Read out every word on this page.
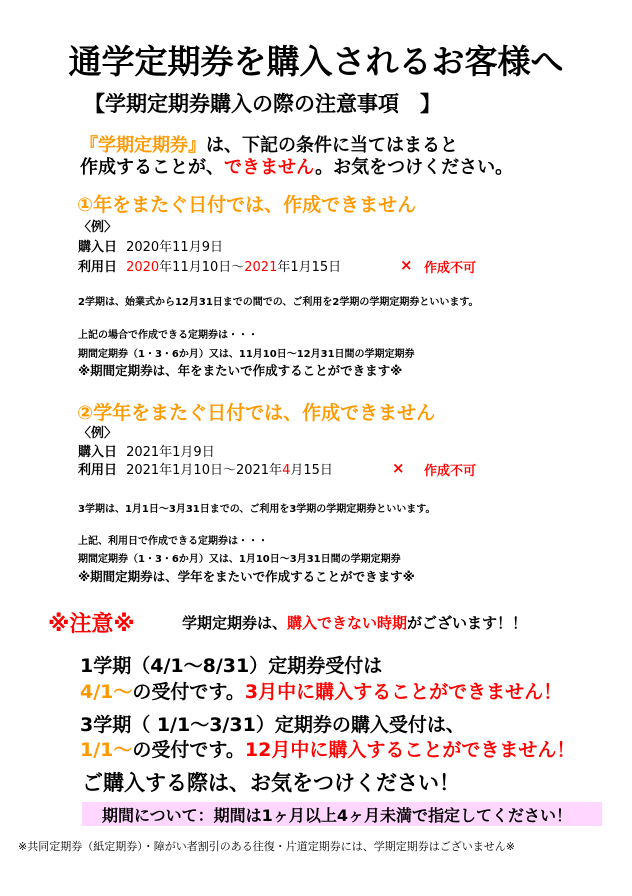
通学定期券を購入されるお客様へ
【学期定期券購入の際の注意事項　】
『学期定期券』は、下記の条件に当てはまると
作成することが、できません。お気をつけください。
①年をまたぐ日付では、作成できません
〈例〉
購入日 2020年11月9日
利用日 2020年11月10日～2021年1月15日	× 作成不可
2学期は、始業式から12月31日までの間での、ご利用を2学期の学期定期券といいます。
上記の場合で作成できる定期券は・・・
期間定期券（1・3・6か月）又は、11月10日～12月31日間の学期定期券
※期間定期券は、年をまたいで作成することができます※
②学年をまたぐ日付では、作成できません
〈例〉
購入日 2021年1月9日
利用日 2021年1月10日～2021年4月15日	× 作成不可
3学期は、1月1日～3月31日までの、ご利用を3学期の学期定期券といいます。
上記、利用日で作成できる定期券は・・・
期間定期券（1・3・6か月）又は、1月10日～3月31日間の学期定期券
※期間定期券は、学年をまたいで作成することができます※
※注意※	学期定期券は、購入できない時期がございます！！
1学期（4/1～8/31）定期券受付は
4/1～の受付です。3月中に購入することができません！
3学期（ 1/1～3/31）定期券の購入受付は、
1/1～の受付です。12月中に購入することができません！
ご購入する際は、お気をつけください！
期間について：期間は1ヶ月以上4ヶ月未満で指定してください！
※共同定期券（紙定期券）・障がい者割引のある往復・片道定期券には、学期定期券はございません※
